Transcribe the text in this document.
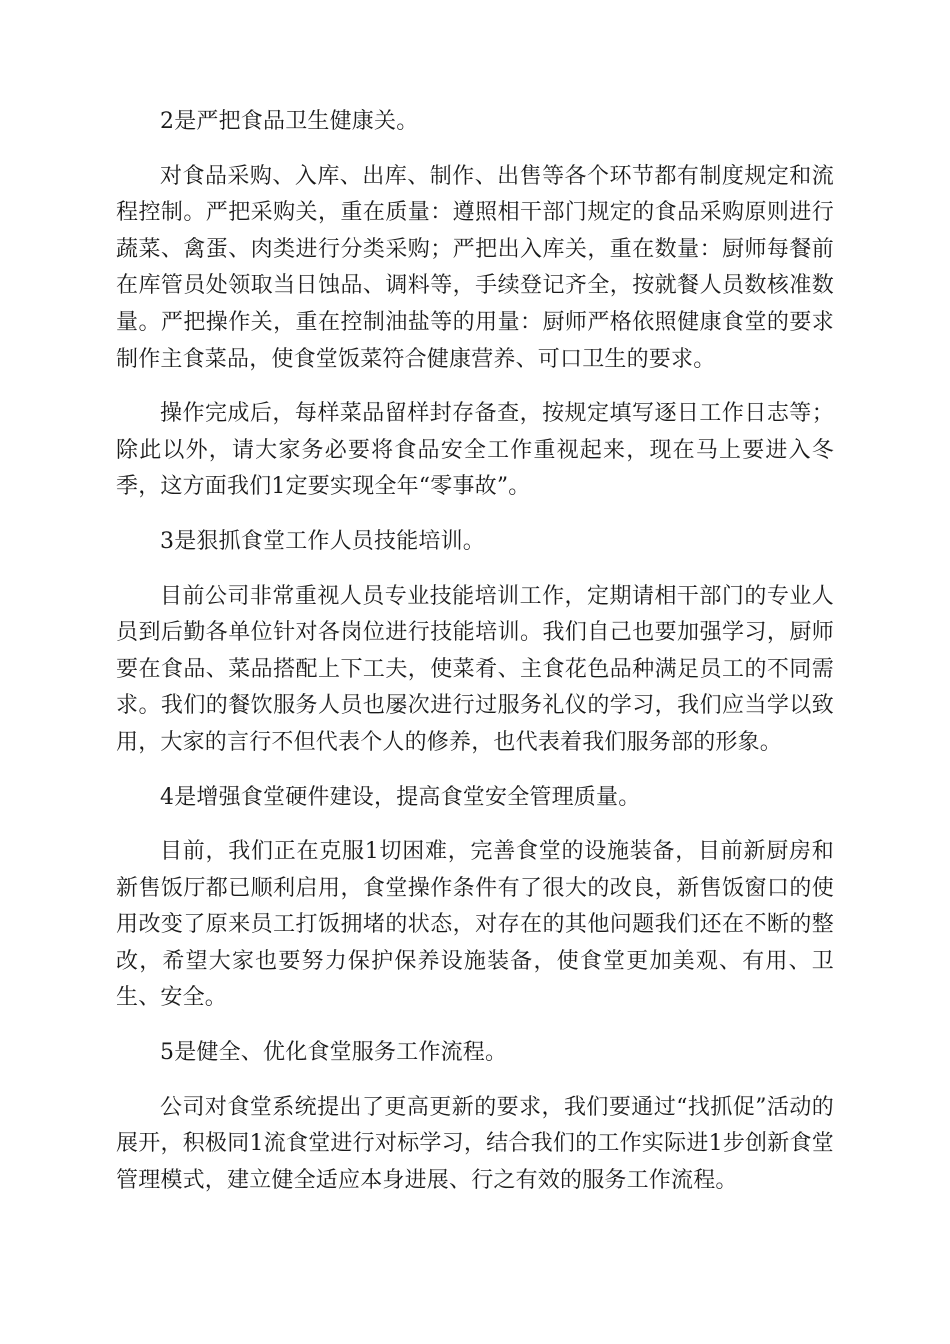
2是严把食品卫生健康关。

对食品采购、入库、出库、制作、出售等各个环节都有制度规定和流程控制。严把采购关，重在质量：遵照相干部门规定的食品采购原则进行蔬菜、禽蛋、肉类进行分类采购；严把出入库关，重在数量：厨师每餐前在库管员处领取当日蚀品、调料等，手续登记齐全，按就餐人员数核准数量。严把操作关，重在控制油盐等的用量：厨师严格依照健康食堂的要求制作主食菜品，使食堂饭菜符合健康营养、可口卫生的要求。

操作完成后，每样菜品留样封存备查，按规定填写逐日工作日志等；除此以外，请大家务必要将食品安全工作重视起来，现在马上要进入冬季，这方面我们1定要实现全年“零事故”。

3是狠抓食堂工作人员技能培训。

目前公司非常重视人员专业技能培训工作，定期请相干部门的专业人员到后勤各单位针对各岗位进行技能培训。我们自己也要加强学习，厨师要在食品、菜品搭配上下工夫，使菜肴、主食花色品种满足员工的不同需求。我们的餐饮服务人员也屡次进行过服务礼仪的学习，我们应当学以致用，大家的言行不但代表个人的修养，也代表着我们服务部的形象。

4是增强食堂硬件建设，提高食堂安全管理质量。

目前，我们正在克服1切困难，完善食堂的设施装备，目前新厨房和新售饭厅都已顺利启用，食堂操作条件有了很大的改良，新售饭窗口的使用改变了原来员工打饭拥堵的状态，对存在的其他问题我们还在不断的整改，希望大家也要努力保护保养设施装备，使食堂更加美观、有用、卫生、安全。

5是健全、优化食堂服务工作流程。

公司对食堂系统提出了更高更新的要求，我们要通过“找抓促”活动的展开，积极同1流食堂进行对标学习，结合我们的工作实际进1步创新食堂管理模式，建立健全适应本身进展、行之有效的服务工作流程。
